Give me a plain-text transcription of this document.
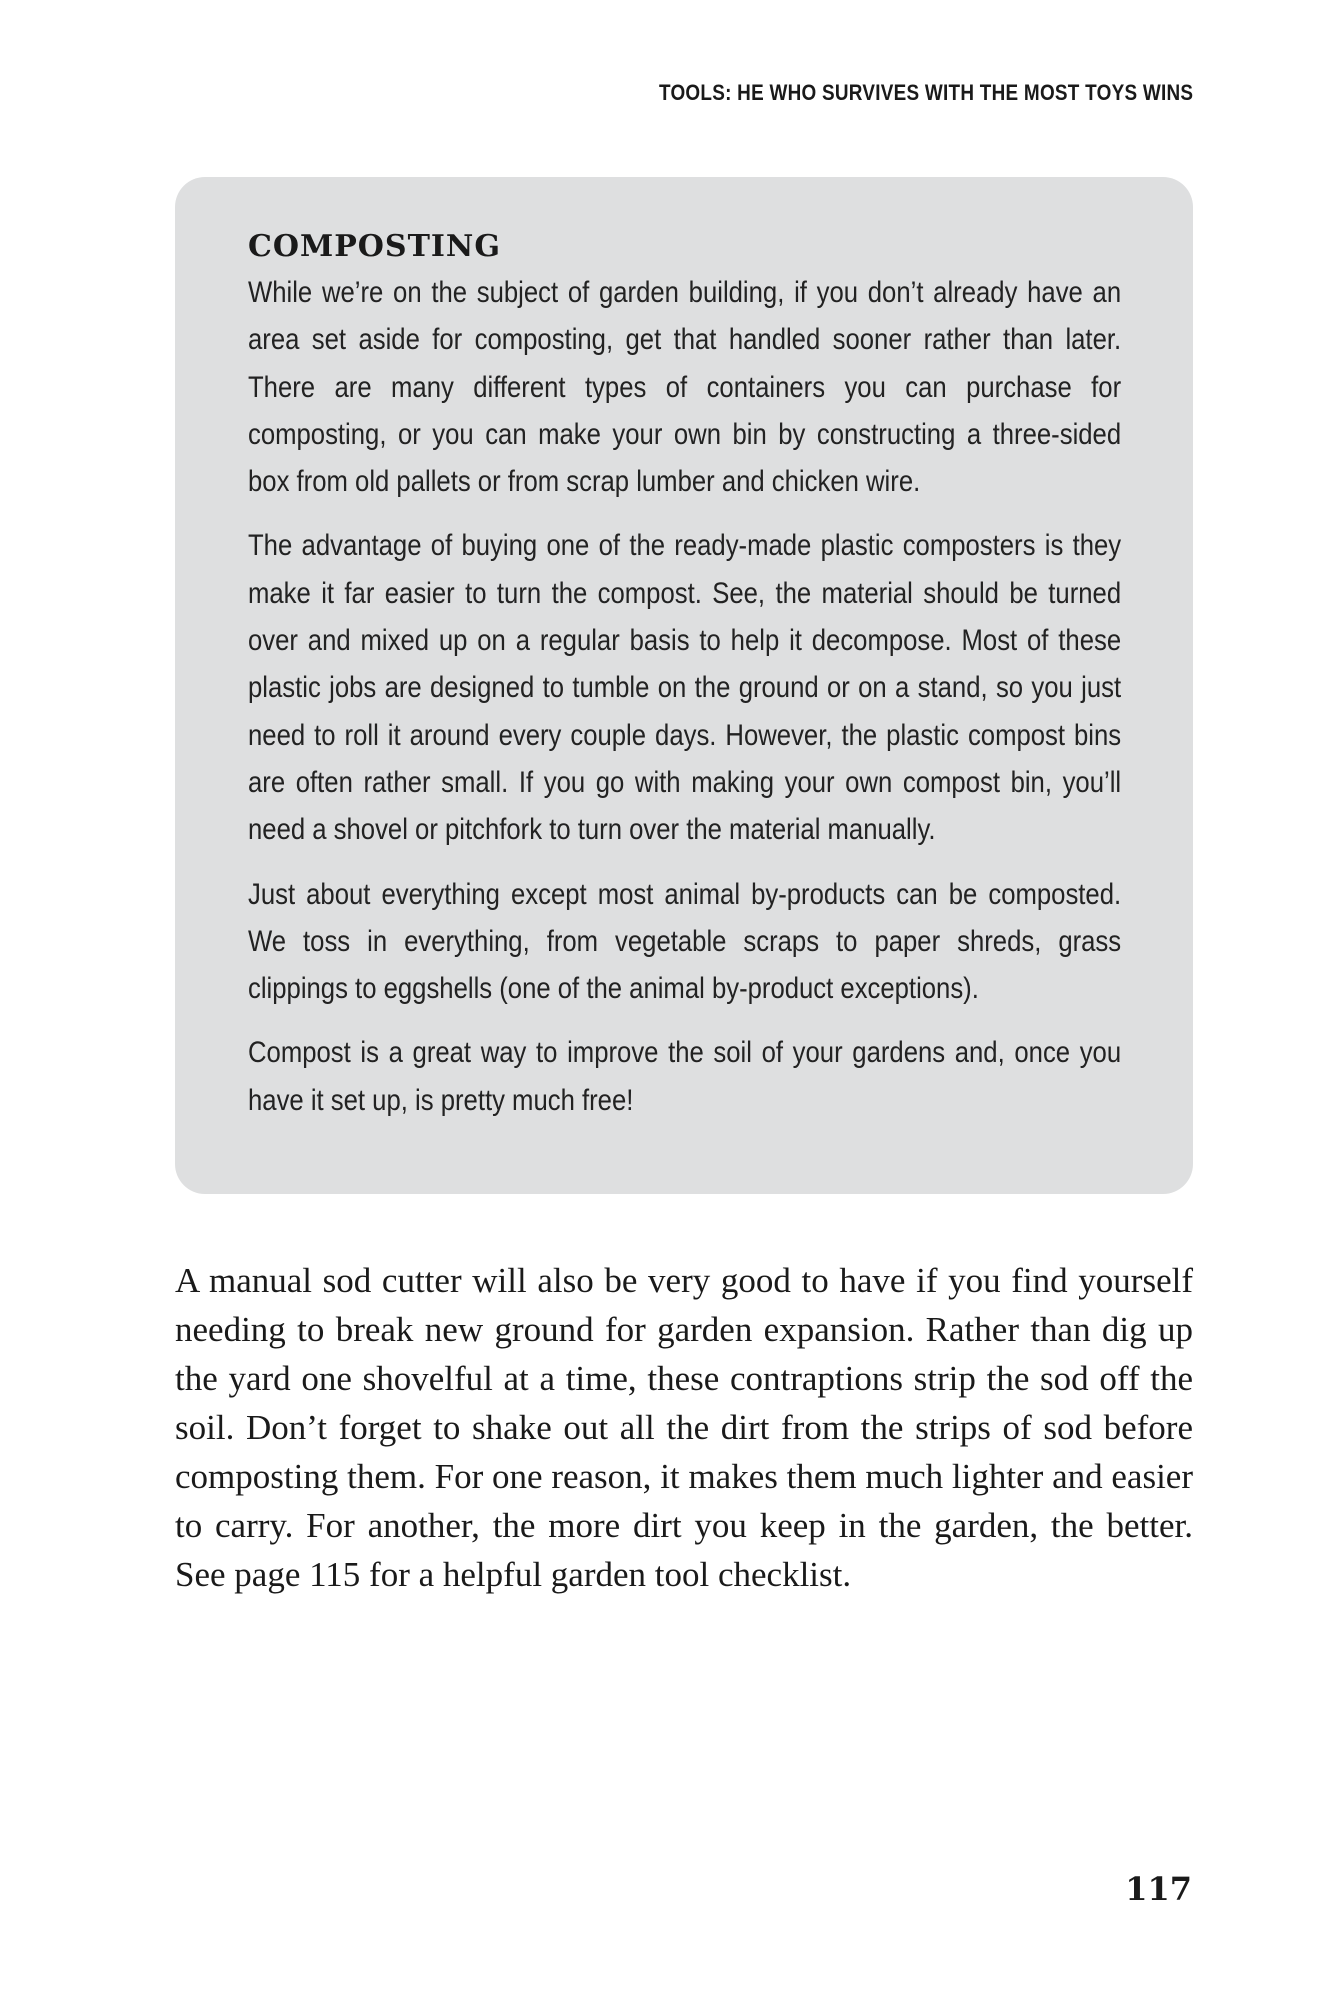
TOOLS: HE WHO SURVIVES WITH THE MOST TOYS WINS
COMPOSTING

While we’re on the subject of garden building, if you don’t already have an area set aside for composting, get that handled sooner rather than later. There are many different types of containers you can purchase for composting, or you can make your own bin by constructing a three-sided box from old pallets or from scrap lumber and chicken wire.

The advantage of buying one of the ready-made plastic composters is they make it far easier to turn the compost. See, the material should be turned over and mixed up on a regular basis to help it decompose. Most of these plastic jobs are designed to tumble on the ground or on a stand, so you just need to roll it around every couple days. However, the plastic compost bins are often rather small. If you go with making your own compost bin, you’ll need a shovel or pitchfork to turn over the material manually.

Just about everything except most animal by-products can be composted. We toss in everything, from vegetable scraps to paper shreds, grass clippings to eggshells (one of the animal by-product exceptions).

Compost is a great way to improve the soil of your gardens and, once you have it set up, is pretty much free!

A manual sod cutter will also be very good to have if you find yourself needing to break new ground for garden expansion. Rather than dig up the yard one shovelful at a time, these contraptions strip the sod off the soil. Don’t forget to shake out all the dirt from the strips of sod before composting them. For one reason, it makes them much lighter and easier to carry. For another, the more dirt you keep in the garden, the better. See page 115 for a helpful garden tool checklist.

117
